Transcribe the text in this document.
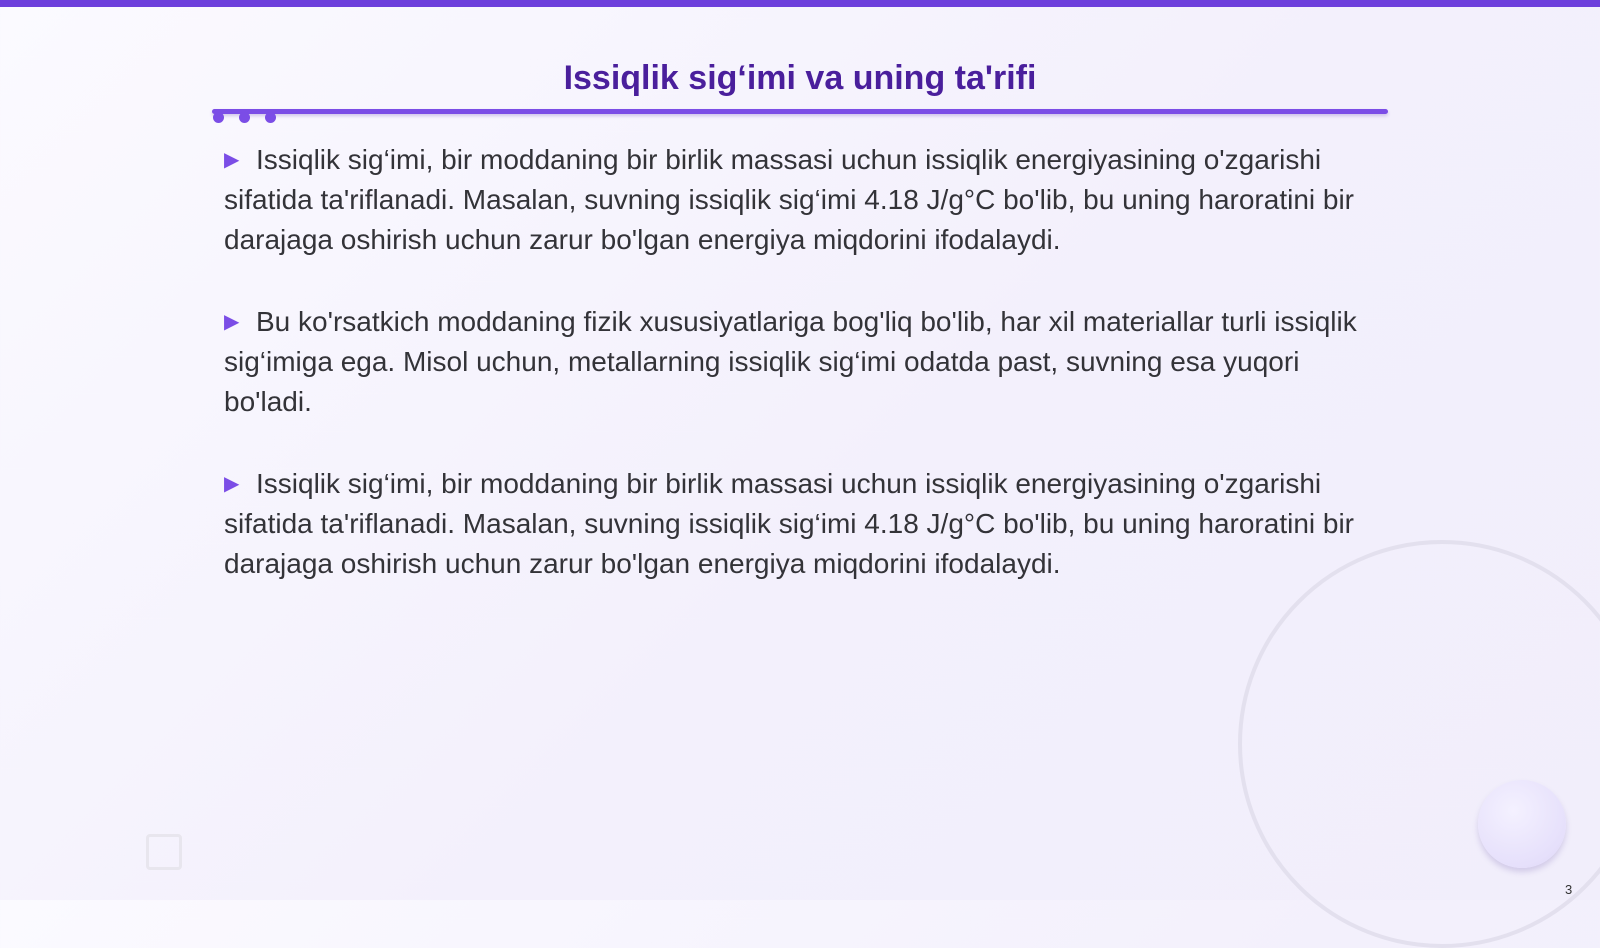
Issiqlik sig‘imi va uning ta'rifi

▶ Issiqlik sig‘imi, bir moddaning bir birlik massasi uchun issiqlik energiyasining o'zgarishi sifatida ta'riflanadi. Masalan, suvning issiqlik sig‘imi 4.18 J/g°C bo'lib, bu uning haroratini bir darajaga oshirish uchun zarur bo'lgan energiya miqdorini ifodalaydi.

▶ Bu ko'rsatkich moddaning fizik xususiyatlariga bog'liq bo'lib, har xil materiallar turli issiqlik sig‘imiga ega. Misol uchun, metallarning issiqlik sig‘imi odatda past, suvning esa yuqori bo'ladi.

▶ Issiqlik sig‘imi, bir moddaning bir birlik massasi uchun issiqlik energiyasining o'zgarishi sifatida ta'riflanadi. Masalan, suvning issiqlik sig‘imi 4.18 J/g°C bo'lib, bu uning haroratini bir darajaga oshirish uchun zarur bo'lgan energiya miqdorini ifodalaydi.

3
